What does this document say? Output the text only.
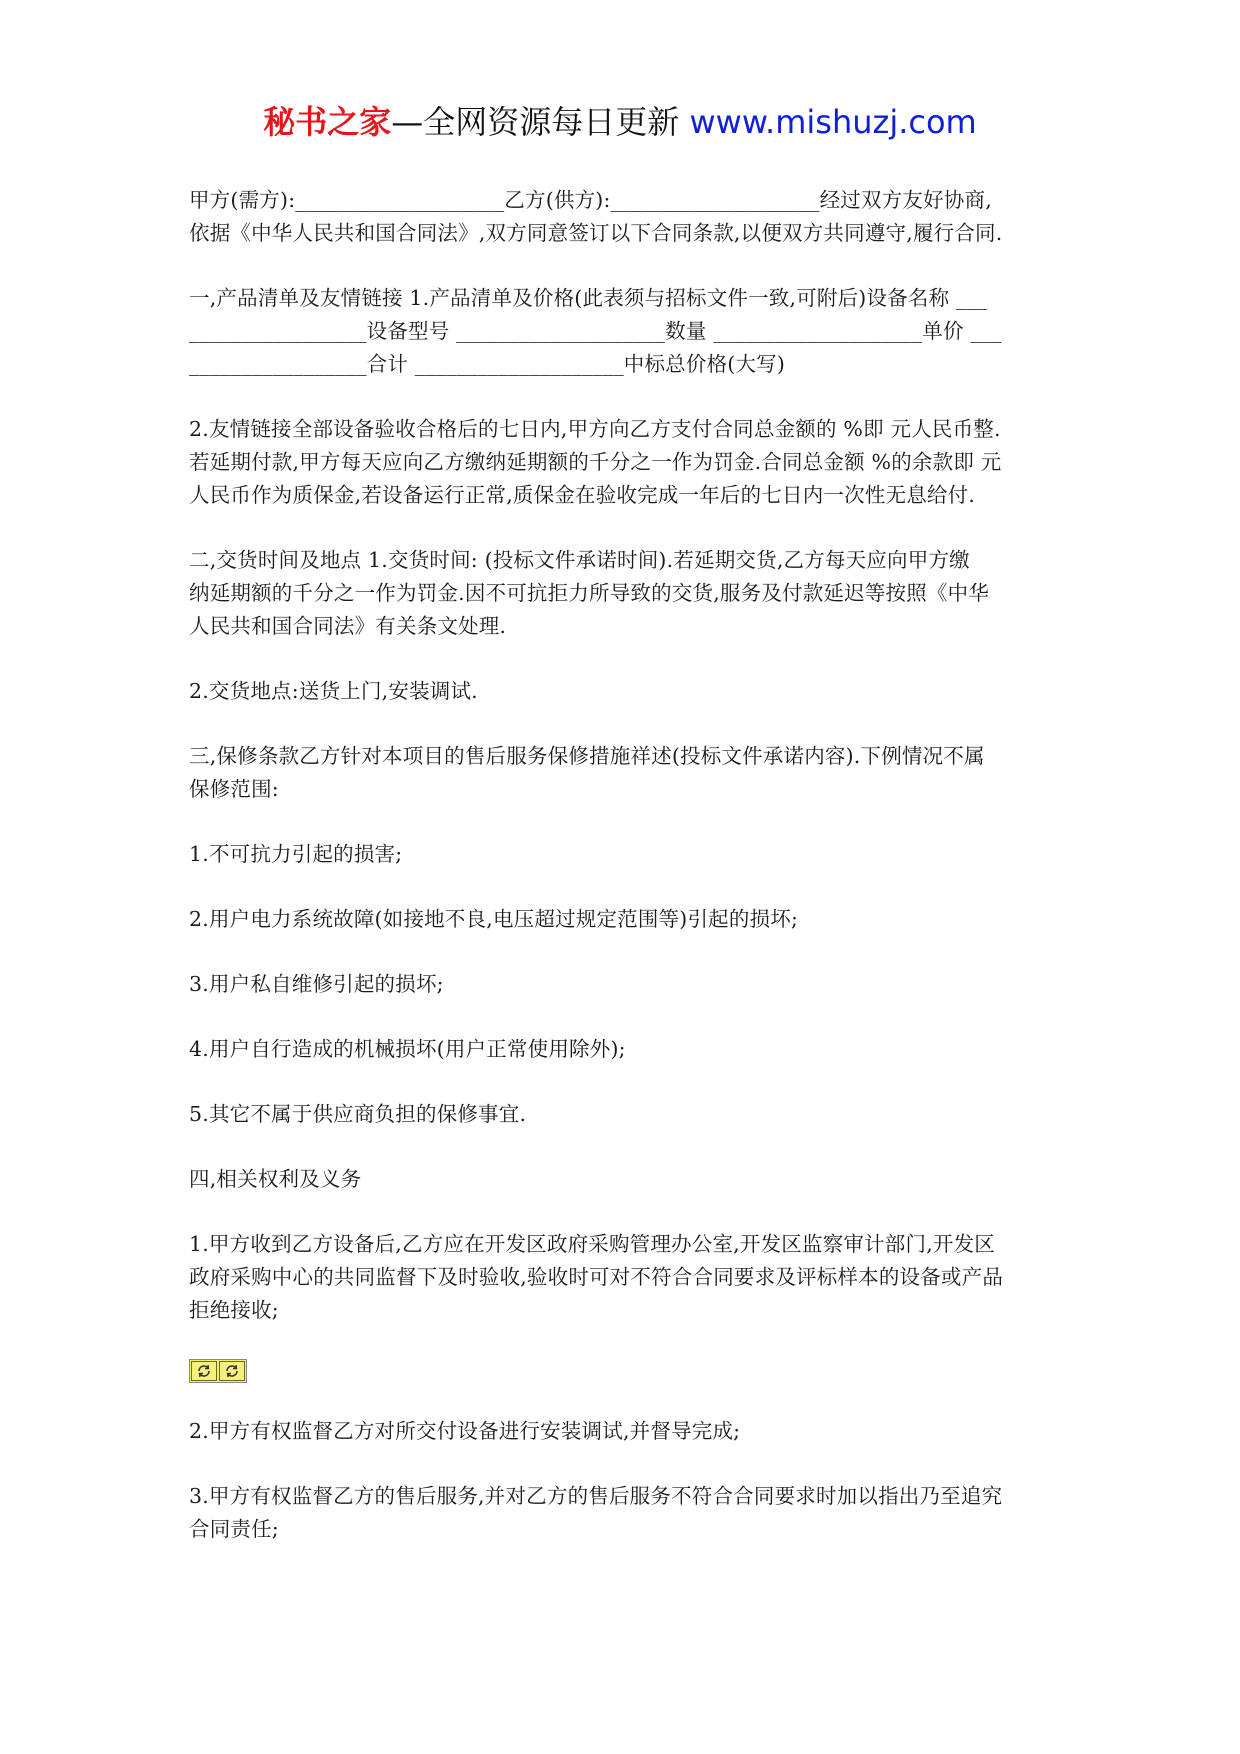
秘书之家—全网资源每日更新 www.mishuzj.com
甲方(需方):____________________乙方(供方):____________________经过双方友好协商,
依据《中华人民共和国合同法》,双方同意签订以下合同条款,以便双方共同遵守,履行合同.
一,产品清单及友情链接 1.产品清单及价格(此表须与招标文件一致,可附后)设备名称 ___
_________________设备型号 ____________________数量 ____________________单价 ___
_________________合计 ____________________中标总价格(大写)
2.友情链接全部设备验收合格后的七日内,甲方向乙方支付合同总金额的 %即 元人民币整.
若延期付款,甲方每天应向乙方缴纳延期额的千分之一作为罚金.合同总金额 %的余款即 元
人民币作为质保金,若设备运行正常,质保金在验收完成一年后的七日内一次性无息给付.
二,交货时间及地点 1.交货时间: (投标文件承诺时间).若延期交货,乙方每天应向甲方缴
纳延期额的千分之一作为罚金.因不可抗拒力所导致的交货,服务及付款延迟等按照《中华
人民共和国合同法》有关条文处理.
2.交货地点:送货上门,安装调试.
三,保修条款乙方针对本项目的售后服务保修措施祥述(投标文件承诺内容).下例情况不属
保修范围:
1.不可抗力引起的损害;
2.用户电力系统故障(如接地不良,电压超过规定范围等)引起的损坏;
3.用户私自维修引起的损坏;
4.用户自行造成的机械损坏(用户正常使用除外);
5.其它不属于供应商负担的保修事宜.
四,相关权利及义务
1.甲方收到乙方设备后,乙方应在开发区政府采购管理办公室,开发区监察审计部门,开发区
政府采购中心的共同监督下及时验收,验收时可对不符合合同要求及评标样本的设备或产品
拒绝接收;
2.甲方有权监督乙方对所交付设备进行安装调试,并督导完成;
3.甲方有权监督乙方的售后服务,并对乙方的售后服务不符合合同要求时加以指出乃至追究
合同责任;
